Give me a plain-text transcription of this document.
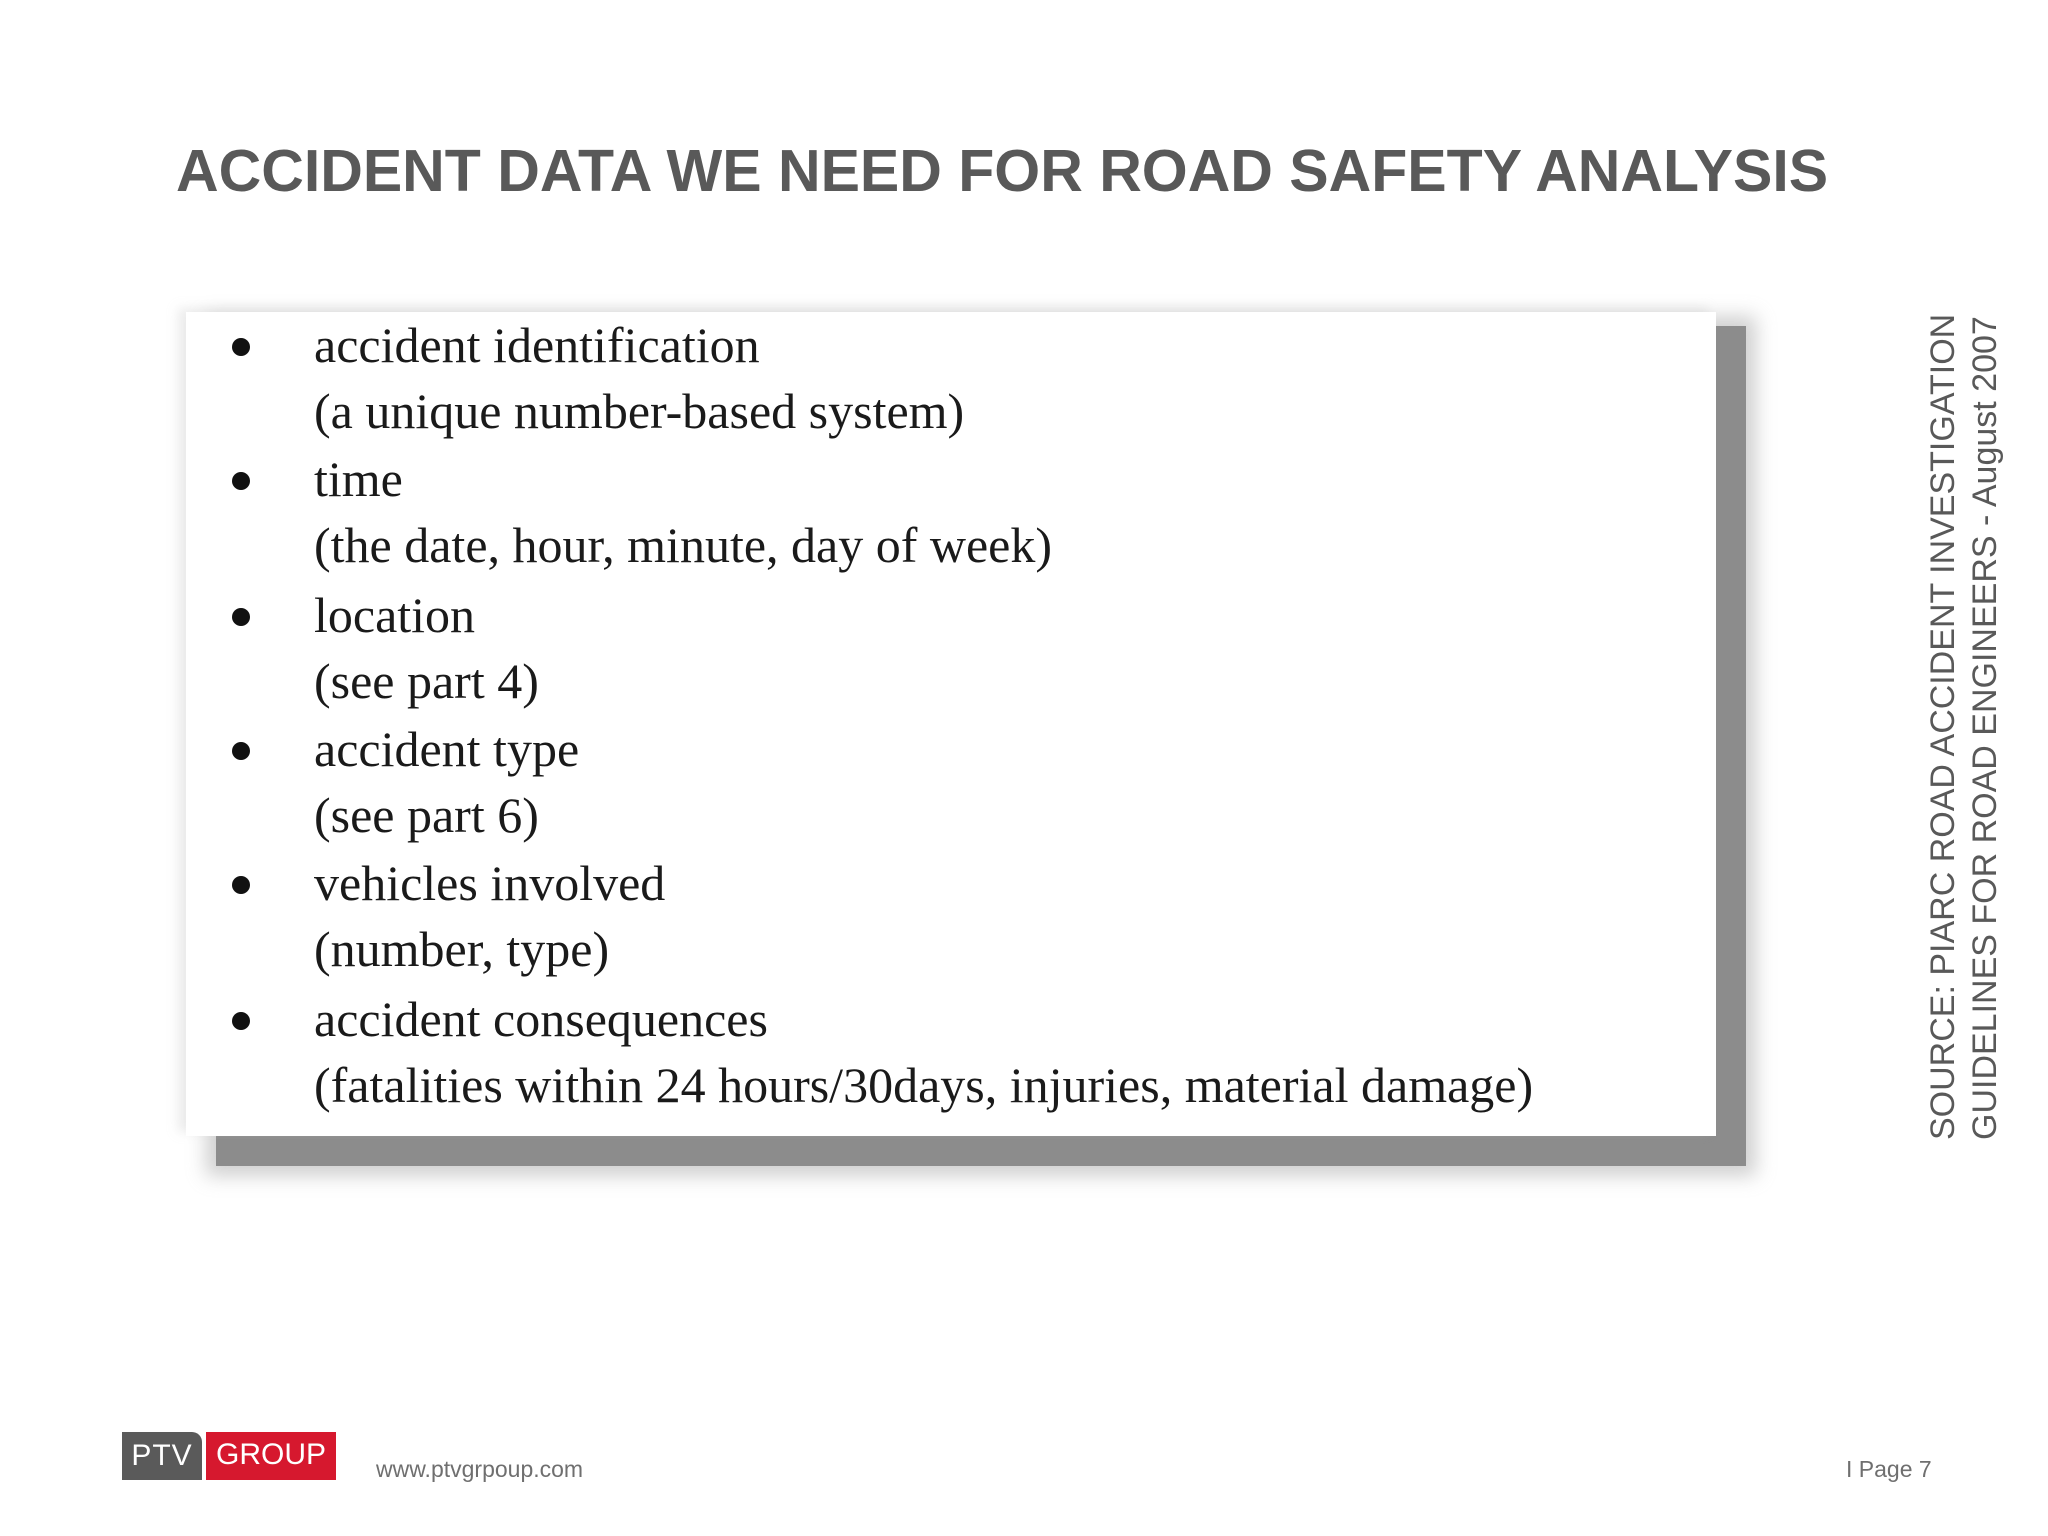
ACCIDENT DATA WE NEED FOR ROAD SAFETY ANALYSIS
accident identification
(a unique number-based system)
time
(the date, hour, minute, day of week)
location
(see part 4)
accident type
(see part 6)
vehicles involved
(number, type)
accident consequences
(fatalities within 24 hours/30days, injuries, material damage)	SOURCE: PIARC ROAD ACCIDENT INVESTIGATION GUIDELINES FOR ROAD ENGINEERS - August 2007
PTV GROUP	www.ptvgrpoup.com	I Page 7
